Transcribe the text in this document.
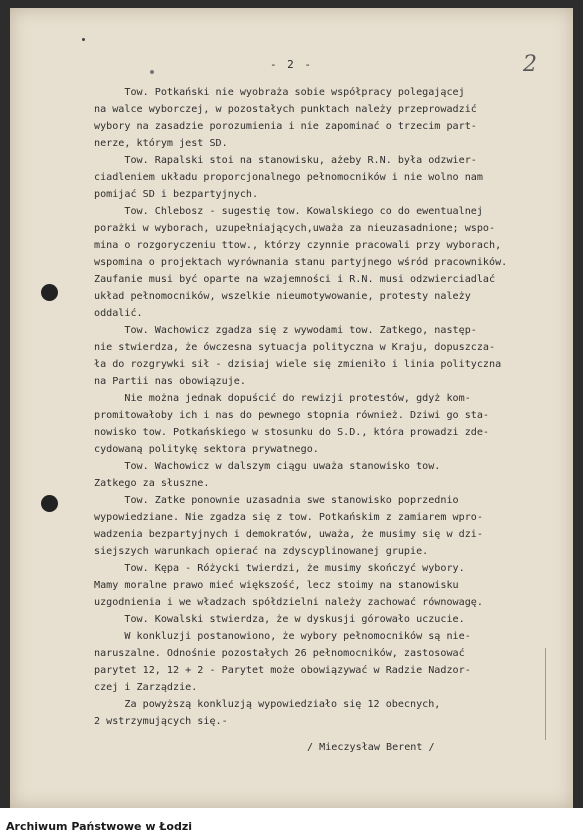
- 2 -	2
Tow. Potkański nie wyobraża sobie współpracy polegającej
na walce wyborczej, w pozostałych punktach należy przeprowadzić
wybory na zasadzie porozumienia i nie zapominać o trzecim part-
nerze, którym jest SD.
Tow. Rapalski stoi na stanowisku, ażeby R.N. była odzwier-
ciadleniem układu proporcjonalnego pełnomocników i nie wolno nam
pomijać SD i bezpartyjnych.
Tow. Chlebosz - sugestię tow. Kowalskiego co do ewentualnej
porażki w wyborach, uzupełniających,uważa za nieuzasadnione; wspo-
mina o rozgoryczeniu ttow., którzy czynnie pracowali przy wyborach,
wspomina o projektach wyrównania stanu partyjnego wśród pracowników.
Zaufanie musi być oparte na wzajemności i R.N. musi odzwierciadlać
układ pełnomocników, wszelkie nieumotywowanie, protesty należy
oddalić.
Tow. Wachowicz zgadza się z wywodami tow. Zatkego, następ-
nie stwierdza, że ówczesna sytuacja polityczna w Kraju, dopuszcza-
ła do rozgrywki sił - dzisiaj wiele się zmieniło i linia polityczna
na Partii nas obowiązuje.
Nie można jednak dopuścić do rewizji protestów, gdyż kom-
promitowałoby ich i nas do pewnego stopnia również. Dziwi go sta-
nowisko tow. Potkańskiego w stosunku do S.D., która prowadzi zde-
cydowaną politykę sektora prywatnego.
Tow. Wachowicz w dalszym ciągu uważa stanowisko tow.
Zatkego za słuszne.
Tow. Zatke ponownie uzasadnia swe stanowisko poprzednio
wypowiedziane. Nie zgadza się z tow. Potkańskim z zamiarem wpro-
wadzenia bezpartyjnych i demokratów, uważa, że musimy się w dzi-
siejszych warunkach opierać na zdyscyplinowanej grupie.
Tow. Kępa - Różycki twierdzi, że musimy skończyć wybory.
Mamy moralne prawo mieć większość, lecz stoimy na stanowisku
uzgodnienia i we władzach spółdzielni należy zachować równowagę.
Tow. Kowalski stwierdza, że w dyskusji górowało uczucie.
W konkluzji postanowiono, że wybory pełnomocników są nie-
naruszalne. Odnośnie pozostałych 26 pełnomocników, zastosować
parytet 12, 12 + 2 - Parytet może obowiązywać w Radzie Nadzor-
czej i Zarządzie.
Za powyższą konkluzją wypowiedziało się 12 obecnych,
2 wstrzymujących się.-
/ Mieczysław Berent /
Archiwum Państwowe w Łodzi
